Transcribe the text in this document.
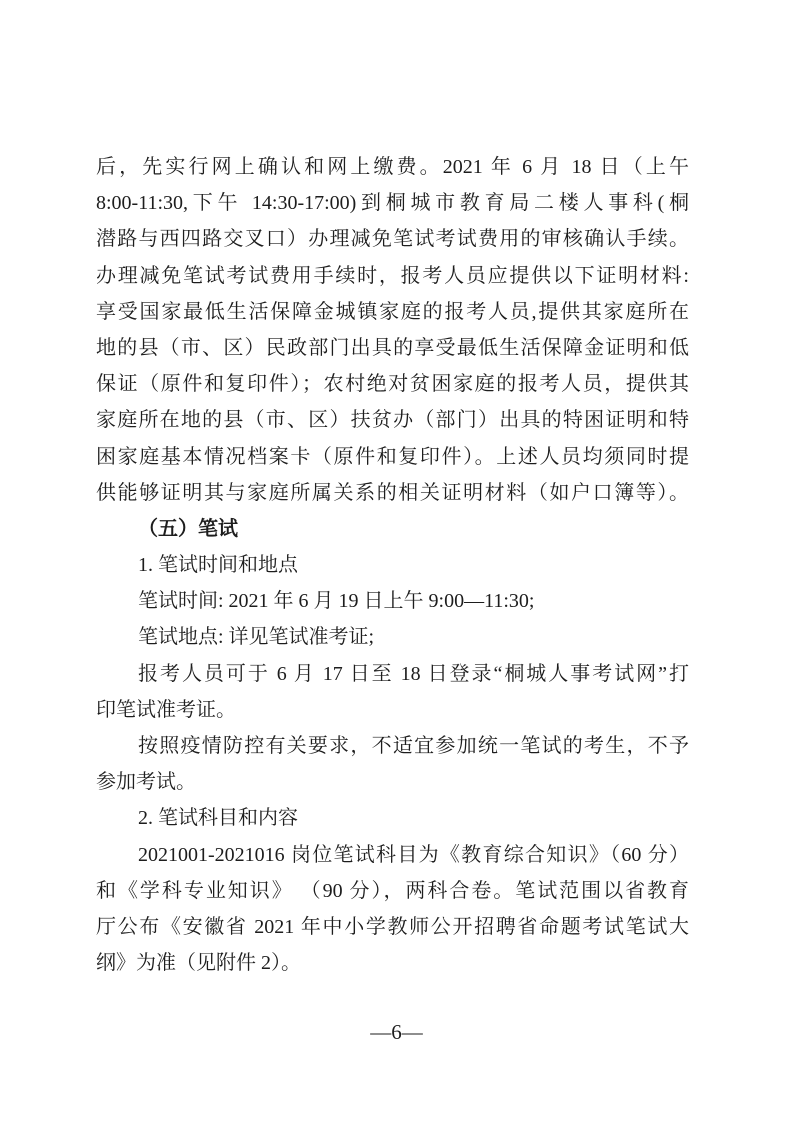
后，先实行网上确认和网上缴费。2021 年 6 月 18 日（上午
8:00-11:30,下午 14:30-17:00)到桐城市教育局二楼人事科(桐
潜路与西四路交叉口）办理减免笔试考试费用的审核确认手续。
办理减免笔试考试费用手续时，报考人员应提供以下证明材料:
享受国家最低生活保障金城镇家庭的报考人员,提供其家庭所在
地的县（市、区）民政部门出具的享受最低生活保障金证明和低
保证（原件和复印件）；农村绝对贫困家庭的报考人员，提供其
家庭所在地的县（市、区）扶贫办（部门）出具的特困证明和特
困家庭基本情况档案卡（原件和复印件）。上述人员均须同时提
供能够证明其与家庭所属关系的相关证明材料（如户口簿等）。
（五）笔试
1. 笔试时间和地点
笔试时间: 2021 年 6 月 19 日上午 9:00—11:30;
笔试地点: 详见笔试准考证;
报考人员可于 6 月 17 日至 18 日登录“桐城人事考试网”打
印笔试准考证。
按照疫情防控有关要求，不适宜参加统一笔试的考生，不予
参加考试。
2. 笔试科目和内容
2021001-2021016 岗位笔试科目为《教育综合知识》（60 分）
和《学科专业知识》 （90 分），两科合卷。笔试范围以省教育
厅公布《安徽省 2021 年中小学教师公开招聘省命题考试笔试大
纲》为准（见附件 2）。
—6—
